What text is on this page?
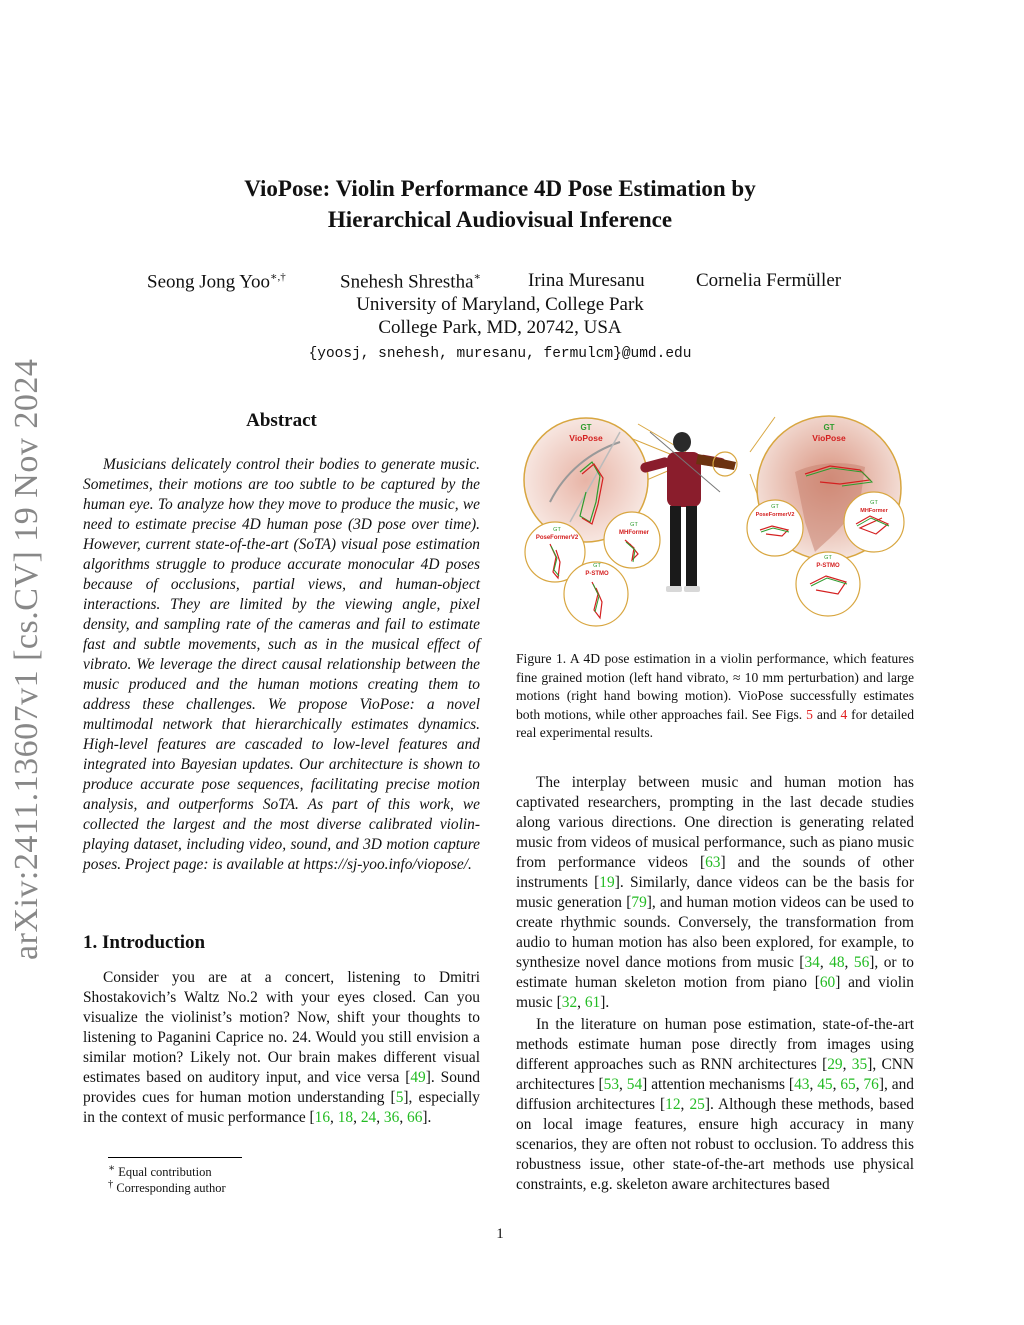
arXiv:2411.13607v1 [cs.CV] 19 Nov 2024
VioPose: Violin Performance 4D Pose Estimation by
Hierarchical Audiovisual Inference
Seong Jong Yoo∗,†	Snehesh Shrestha∗ Irina Muresanu	Cornelia Fermüller
University of Maryland, College Park
College Park, MD, 20742, USA
{yoosj, snehesh, muresanu, fermulcm}@umd.edu
Abstract
Musicians delicately control their bodies to generate music. Sometimes, their motions are too subtle to be captured by the human eye. To analyze how they move to produce the music, we need to estimate precise 4D human pose (3D pose over time). However, current state-of-the-art (SoTA) visual pose estimation algorithms struggle to produce accurate monocular 4D poses because of occlusions, partial views, and human-object interactions. They are limited by the viewing angle, pixel density, and sampling rate of the cameras and fail to estimate fast and subtle movements, such as in the musical effect of vibrato. We leverage the direct causal relationship between the music produced and the human motions creating them to address these challenges. We propose VioPose: a novel multimodal network that hierarchically estimates dynamics. High-level features are cascaded to low-level features and integrated into Bayesian updates. Our architecture is shown to produce accurate pose sequences, facilitating precise motion analysis, and outperforms SoTA. As part of this work, we collected the largest and the most diverse calibrated violin-playing dataset, including video, sound, and 3D motion capture poses. Project page: is available at https://sj-yoo.info/viopose/.
1. Introduction
Consider you are at a concert, listening to Dmitri Shostakovich’s Waltz No.2 with your eyes closed. Can you visualize the violinist’s motion? Now, shift your thoughts to listening to Paganini Caprice no. 24. Would you still envision a similar motion? Likely not. Our brain makes different visual estimates based on auditory input, and vice versa [49]. Sound provides cues for human motion understanding [5], especially in the context of music performance [16, 18, 24, 36, 66].
∗ Equal contribution
† Corresponding author
GT
VioPose
GT
PoseFormerV2
GT
MHFormer
GT
P-STMO
GT
VioPose
GT
PoseFormerV2
GT
MHFormer
GT
P-STMO
Figure 1. A 4D pose estimation in a violin performance, which features fine grained motion (left hand vibrato, ≈ 10 mm perturbation) and large motions (right hand bowing motion). VioPose successfully estimates both motions, while other approaches fail. See Figs. 5 and 4 for detailed real experimental results.
The interplay between music and human motion has captivated researchers, prompting in the last decade studies along various directions. One direction is generating related music from videos of musical performance, such as piano music from performance videos [63] and the sounds of other instruments [19]. Similarly, dance videos can be the basis for music generation [79], and human motion videos can be used to create rhythmic sounds. Conversely, the transformation from audio to human motion has also been explored, for example, to synthesize novel dance motions from music [34, 48, 56], or to estimate human skeleton motion from piano [60] and violin music [32, 61].
In the literature on human pose estimation, state-of-the-art methods estimate human pose directly from images using different approaches such as RNN architectures [29, 35], CNN architectures [53, 54] attention mechanisms [43, 45, 65, 76], and diffusion architectures [12, 25]. Although these methods, based on local image features, ensure high accuracy in many scenarios, they are often not robust to occlusion. To address this robustness issue, other state-of-the-art methods use physical constraints, e.g. skeleton aware architectures based
1
